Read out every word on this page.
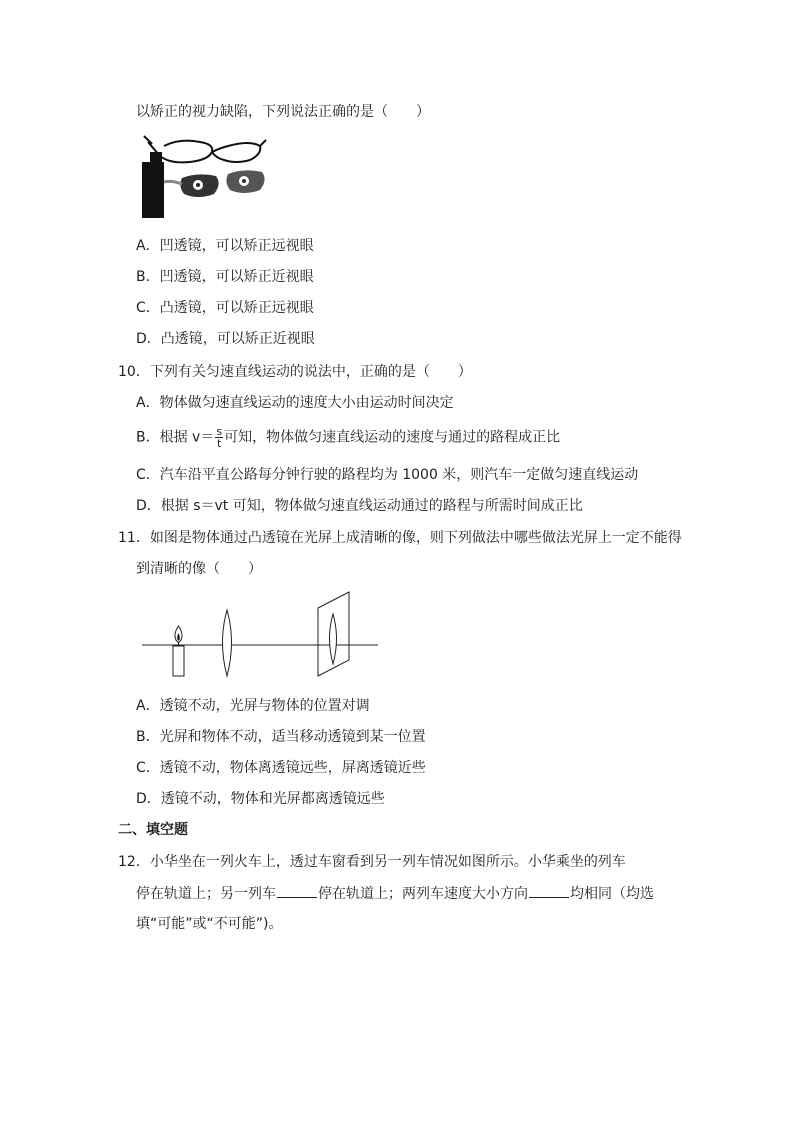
以矫正的视力缺陷，下列说法正确的是（　　）
A．凹透镜，可以矫正远视眼
B．凹透镜，可以矫正近视眼
C．凸透镜，可以矫正远视眼
D．凸透镜，可以矫正近视眼
10．下列有关匀速直线运动的说法中，正确的是（　　）
A．物体做匀速直线运动的速度大小由运动时间决定
B．根据 $v= \frac{s}{t}$ 可知，物体做匀速直线运动的速度与通过的路程成正比
C．汽车沿平直公路每分钟行驶的路程均为 1000 米，则汽车一定做匀速直线运动
D．根据 s＝vt 可知，物体做匀速直线运动通过的路程与所需时间成正比
11．如图是物体通过凸透镜在光屏上成清晰的像，则下列做法中哪些做法光屏上一定不能得
到清晰的像（　　）
A．透镜不动，光屏与物体的位置对调
B．光屏和物体不动，适当移动透镜到某一位置
C．透镜不动，物体离透镜远些，屏离透镜近些
D．透镜不动，物体和光屏都离透镜远些
二、填空题
12．小华坐在一列火车上，透过车窗看到另一列车情况如图所示。小华乘坐的列车
停在轨道上；另一列车	停在轨道上；两列车速度大小方向	均相同（均选
填“可能”或“不可能”)。
